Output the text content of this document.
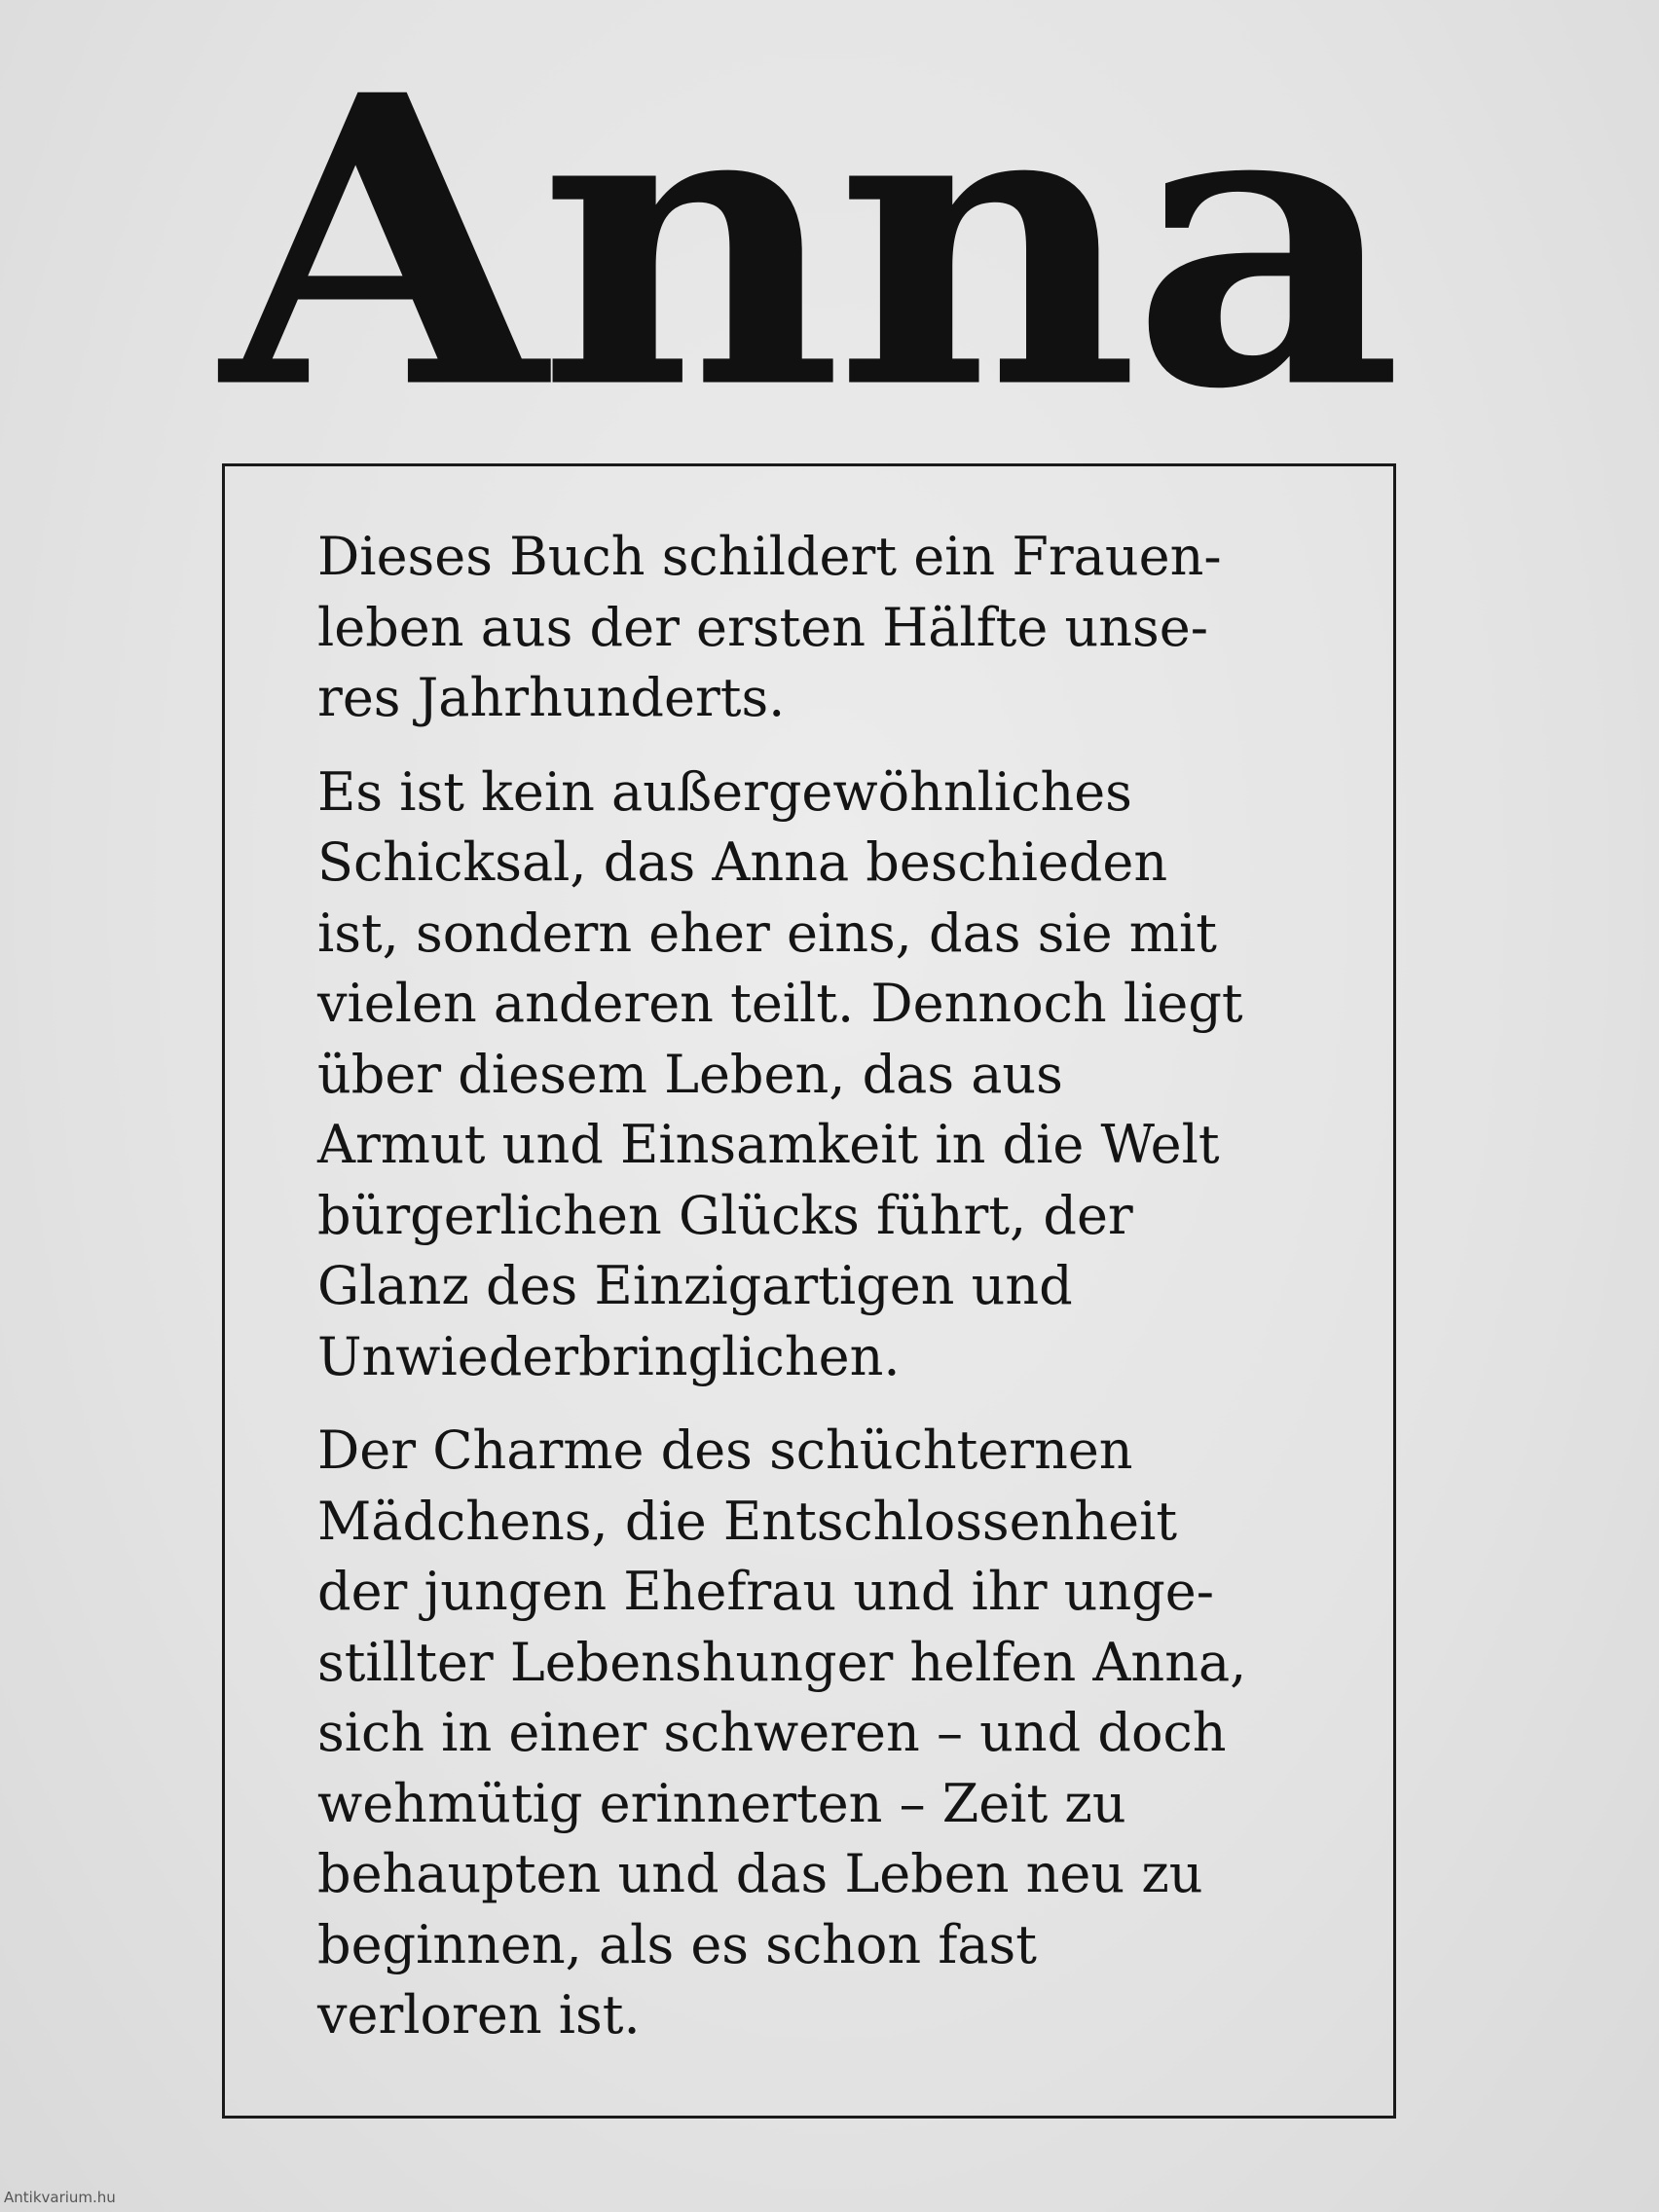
Anna

Dieses Buch schildert ein Frauen-
leben aus der ersten Hälfte unse-
res Jahrhunderts.

Es ist kein außergewöhnliches
Schicksal, das Anna beschieden
ist, sondern eher eins, das sie mit
vielen anderen teilt. Dennoch liegt
über diesem Leben, das aus
Armut und Einsamkeit in die Welt
bürgerlichen Glücks führt, der
Glanz des Einzigartigen und
Unwiederbringlichen.

Der Charme des schüchternen
Mädchens, die Entschlossenheit
der jungen Ehefrau und ihr unge-
stillter Lebenshunger helfen Anna,
sich in einer schweren – und doch
wehmütig erinnerten – Zeit zu
behaupten und das Leben neu zu
beginnen, als es schon fast
verloren ist.

Antikvarium.hu
